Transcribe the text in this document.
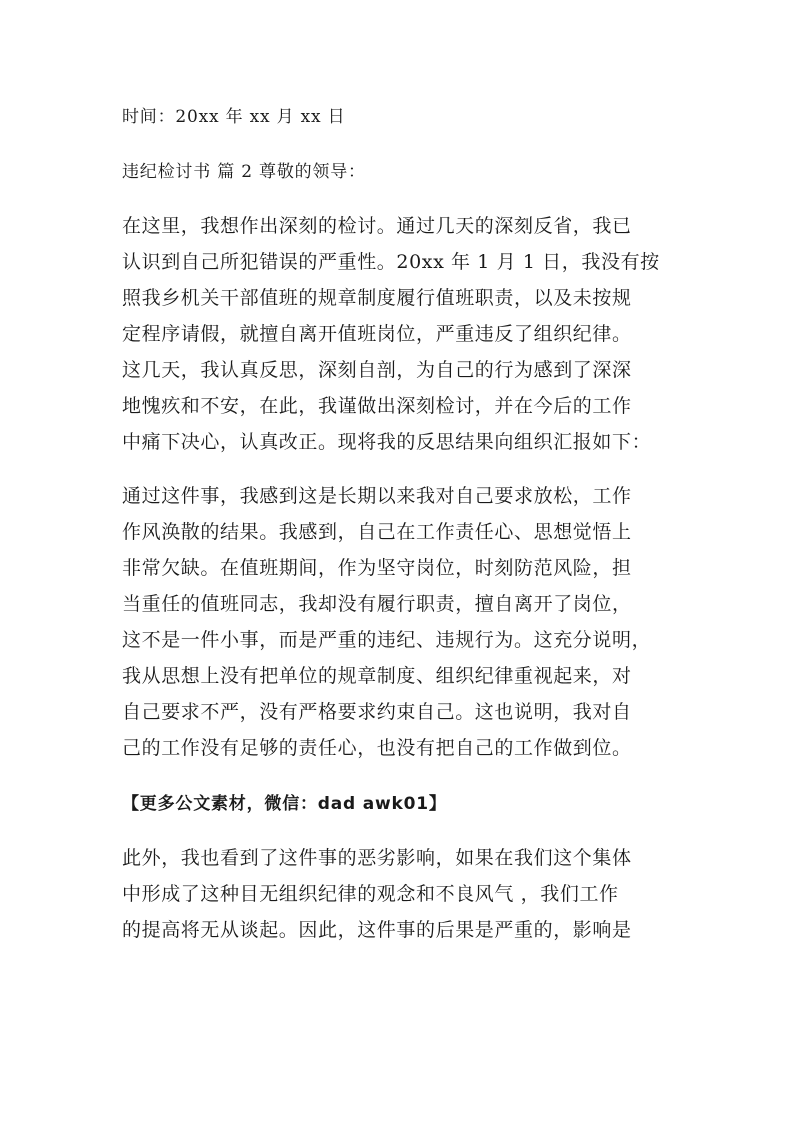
时间：20xx 年 xx 月 xx 日
违纪检讨书 篇 2 尊敬的领导：
在这里，我想作出深刻的检讨。通过几天的深刻反省，我已
认识到自己所犯错误的严重性。20xx 年 1 月 1 日，我没有按
照我乡机关干部值班的规章制度履行值班职责，以及未按规
定程序请假，就擅自离开值班岗位，严重违反了组织纪律。
这几天，我认真反思，深刻自剖，为自己的行为感到了深深
地愧疚和不安，在此，我谨做出深刻检讨，并在今后的工作
中痛下决心，认真改正。现将我的反思结果向组织汇报如下：
通过这件事，我感到这是长期以来我对自己要求放松，工作
作风涣散的结果。我感到，自己在工作责任心、思想觉悟上
非常欠缺。在值班期间，作为坚守岗位，时刻防范风险，担
当重任的值班同志，我却没有履行职责，擅自离开了岗位，
这不是一件小事，而是严重的违纪、违规行为。这充分说明，
我从思想上没有把单位的规章制度、组织纪律重视起来，对
自己要求不严，没有严格要求约束自己。这也说明，我对自
己的工作没有足够的责任心，也没有把自己的工作做到位。
【更多公文素材，微信：dad awk01】
此外，我也看到了这件事的恶劣影响，如果在我们这个集体
中形成了这种目无组织纪律的观念和不良风气 ，我们工作
的提高将无从谈起。因此，这件事的后果是严重的，影响是
